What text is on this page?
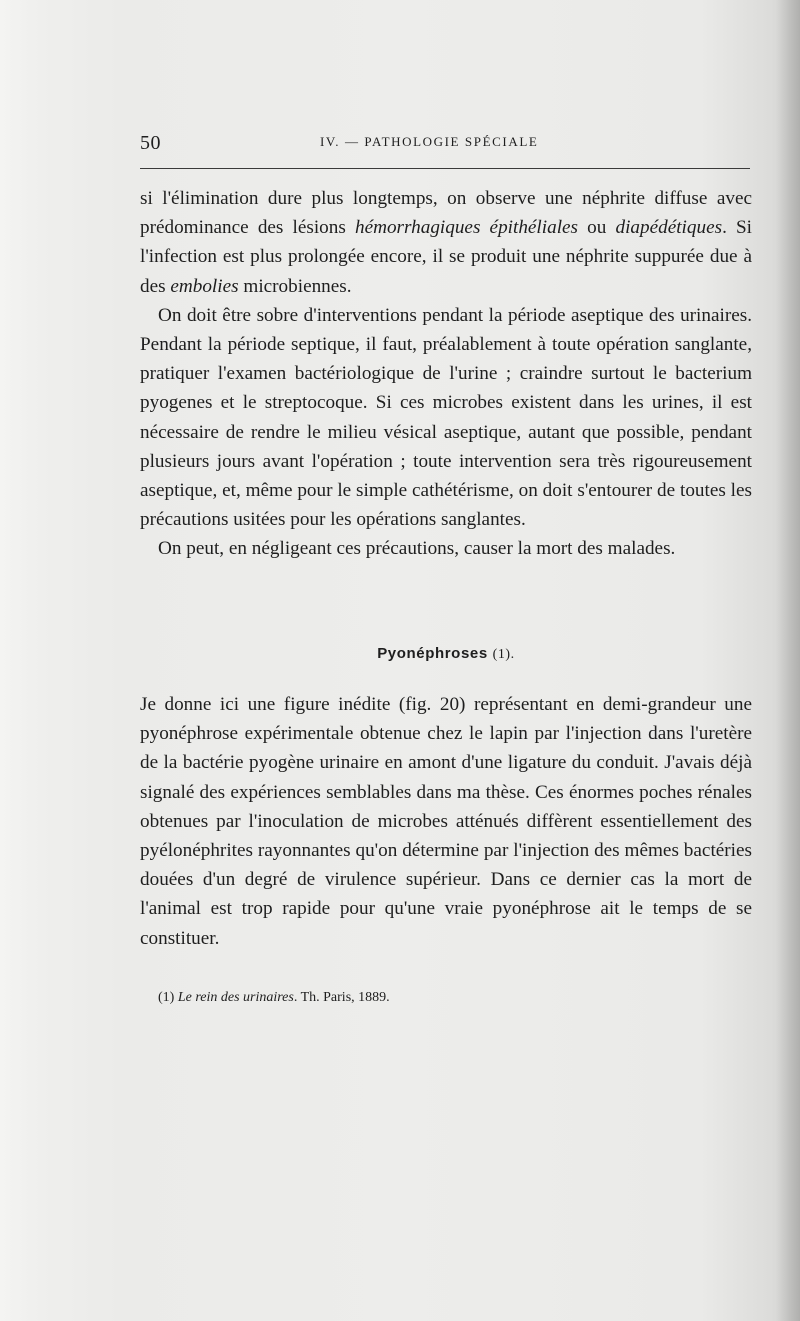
50	IV. — PATHOLOGIE SPÉCIALE

si l'élimination dure plus longtemps, on observe une néphrite diffuse avec prédominance des lésions hémorrhagiques épithéliales ou diapédétiques. Si l'infection est plus prolongée encore, il se produit une néphrite suppurée due à des embolies microbiennes.

On doit être sobre d'interventions pendant la période aseptique des urinaires. Pendant la période septique, il faut, préalablement à toute opération sanglante, pratiquer l'examen bactériologique de l'urine ; craindre surtout le bacterium pyogenes et le streptocoque. Si ces microbes existent dans les urines, il est nécessaire de rendre le milieu vésical aseptique, autant que possible, pendant plusieurs jours avant l'opération ; toute intervention sera très rigoureusement aseptique, et, même pour le simple cathétérisme, on doit s'entourer de toutes les précautions usitées pour les opérations sanglantes.

On peut, en négligeant ces précautions, causer la mort des malades.

Pyonéphroses (1).

Je donne ici une figure inédite (fig. 20) représentant en demi-grandeur une pyonéphrose expérimentale obtenue chez le lapin par l'injection dans l'uretère de la bactérie pyogène urinaire en amont d'une ligature du conduit. J'avais déjà signalé des expériences semblables dans ma thèse. Ces énormes poches rénales obtenues par l'inoculation de microbes atténués diffèrent essentiellement des pyélonéphrites rayonnantes qu'on détermine par l'injection des mêmes bactéries douées d'un degré de virulence supérieur. Dans ce dernier cas la mort de l'animal est trop rapide pour qu'une vraie pyonéphrose ait le temps de se constituer.

(1) Le rein des urinaires. Th. Paris, 1889.
